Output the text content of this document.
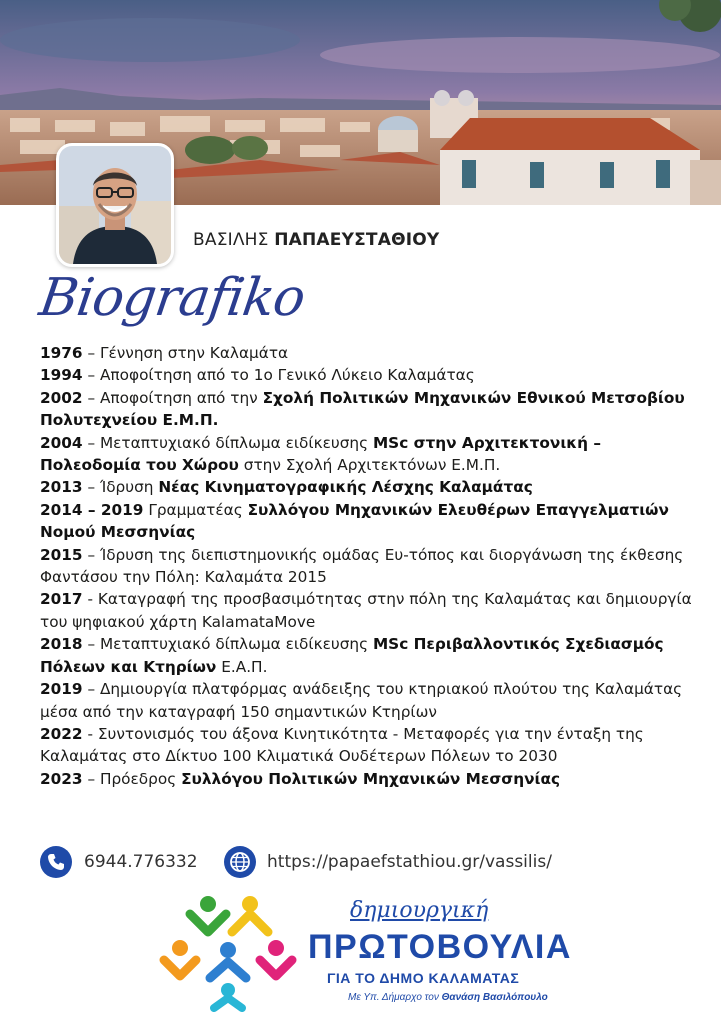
ΒΑΣΙΛΗΣ ΠΑΠΑΕΥΣΤΑΘΙΟΥ
Biografiko
1976 – Γέννηση στην Καλαμάτα
1994 – Αποφοίτηση από το 1ο Γενικό Λύκειο Καλαμάτας
2002 – Αποφοίτηση από την Σχολή Πολιτικών Μηχανικών Εθνικού Μετσοβίου Πολυτεχνείου Ε.Μ.Π.
2004 – Μεταπτυχιακό δίπλωμα ειδίκευσης MSc στην Αρχιτεκτονική – Πολεοδομία του Χώρου στην Σχολή Αρχιτεκτόνων Ε.Μ.Π.
2013 – Ίδρυση Νέας Κινηματογραφικής Λέσχης Καλαμάτας
2014 – 2019 Γραμματέας Συλλόγου Μηχανικών Ελευθέρων Επαγγελματιών Νομού Μεσσηνίας
2015 – Ίδρυση της διεπιστημονικής ομάδας Ευ-τόπος και διοργάνωση της έκθεσης Φαντάσου την Πόλη: Καλαμάτα 2015
2017 - Καταγραφή της προσβασιμότητας στην πόλη της Καλαμάτας και δημιουργία του ψηφιακού χάρτη KalamataMove
2018 – Μεταπτυχιακό δίπλωμα ειδίκευσης MSc Περιβαλλοντικός Σχεδιασμός Πόλεων και Κτηρίων Ε.Α.Π.
2019 – Δημιουργία πλατφόρμας ανάδειξης του κτηριακού πλούτου της Καλαμάτας μέσα από την καταγραφή 150 σημαντικών Κτηρίων
2022 - Συντονισμός του άξονα Κινητικότητα - Μεταφορές για την ένταξη της Καλαμάτας στο Δίκτυο 100 Κλιματικά Ουδέτερων Πόλεων το 2030
2023 – Πρόεδρος Συλλόγου Πολιτικών Μηχανικών Μεσσηνίας
6944.776332	https://papaefstathiou.gr/vassilis/
δημιουργική
ΠΡΩΤΟΒΟΥΛΙΑ
ΓΙΑ ΤΟ ΔΗΜΟ ΚΑΛΑΜΑΤΑΣ
Με Υπ. Δήμαρχο τον Θανάση Βασιλόπουλο
